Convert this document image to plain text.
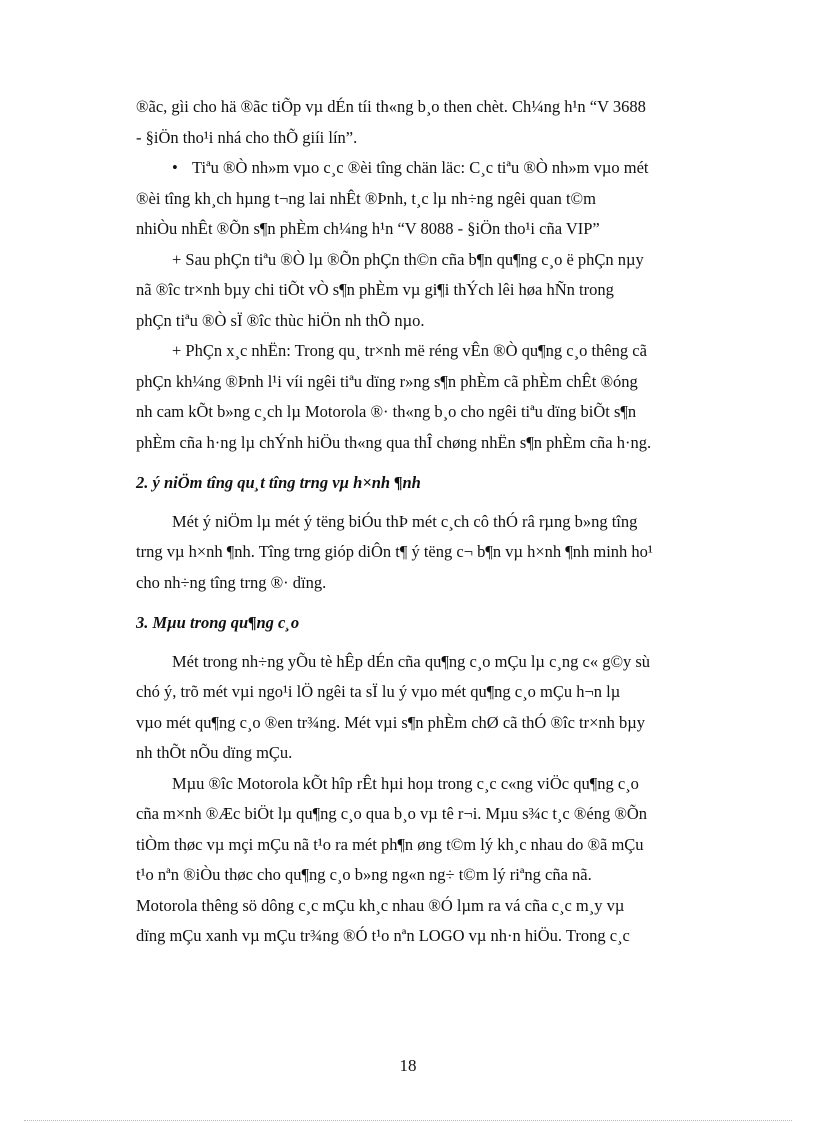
®ãc, gìi cho hä ®ãc tiÕp vµ dÉn tíi th«ng b¸o then chèt. Ch¼ng h¹n “V 3688
- §iÖn tho¹i nhá cho thÕ giíi lín”.

• Tiªu ®Ò nh»m vµo c¸c ®èi tîng chän läc: C¸c tiªu ®Ò nh»m vµo mét
®èi tîng kh¸ch hµng t¬ng lai nhÊt ®Þnh, t¸c lµ nh÷ng ngêi quan t©m
nhiÒu nhÊt ®Õn s¶n phÈm ch¼ng h¹n “V 8088 - §iÖn tho¹i cña VIP”

+ Sau phÇn tiªu ®Ò lµ ®Õn phÇn th©n cña b¶n qu¶ng c¸o ë phÇn nµy
nã ®îc tr×nh bµy chi tiÕt vÒ s¶n phÈm vµ gi¶i thÝch lêi høa hÑn trong
phÇn tiªu ®Ò sÏ ®îc thùc hiÖn nh thÕ nµo.

+ PhÇn x¸c nhËn: Trong qu¸ tr×nh më réng vÊn ®Ò qu¶ng c¸o thêng cã
phÇn kh¼ng ®Þnh l¹i víi ngêi tiªu dïng r»ng s¶n phÈm cã phÈm chÊt ®óng
nh cam kÕt b»ng c¸ch lµ Motorola ®· th«ng b¸o cho ngêi tiªu dïng biÕt s¶n
phÈm cña h·ng lµ chÝnh hiÖu th«ng qua thÎ chøng nhËn s¶n phÈm cña h·ng.

2. ý niÖm tîng qu¸t tîng trng vµ h×nh ¶nh

Mét ý niÖm lµ mét ý tëng biÓu thÞ mét c¸ch cô thÓ râ rµng b»ng tîng
trng vµ h×nh ¶nh. Tîng trng gióp diÔn t¶ ý tëng c¬ b¶n vµ h×nh ¶nh minh ho¹
cho nh÷ng tîng trng ®· dïng.

3. Mµu trong qu¶ng c¸o

Mét trong nh÷ng yÕu tè hÊp dÉn cña qu¶ng c¸o mÇu lµ c¸ng c« g©y sù
chó ý, trõ mét vµi ngo¹i lÖ ngêi ta sÏ lu ý vµo mét qu¶ng c¸o mÇu h¬n lµ
vµo mét qu¶ng c¸o ®en tr¾ng. Mét vµi s¶n phÈm chØ cã thÓ ®îc tr×nh bµy
nh thÕt nÕu dïng mÇu.

Mµu ®îc Motorola kÕt hîp rÊt hµi hoµ trong c¸c c«ng viÖc qu¶ng c¸o
cña m×nh ®Æc biÖt lµ qu¶ng c¸o qua b¸o vµ tê r¬i. Mµu s¾c t¸c ®éng ®Õn
tiÒm thøc vµ mçi mÇu nã t¹o ra mét ph¶n øng t©m lý kh¸c nhau do ®ã mÇu
t¹o nªn ®iÒu thøc cho qu¶ng c¸o b»ng ng«n ng÷ t©m lý riªng cña nã.
Motorola thêng sö dông c¸c mÇu kh¸c nhau ®Ó lµm ra vá cña c¸c m¸y vµ
dïng mÇu xanh vµ mÇu tr¾ng ®Ó t¹o nªn LOGO vµ nh·n hiÖu. Trong c¸c

18
